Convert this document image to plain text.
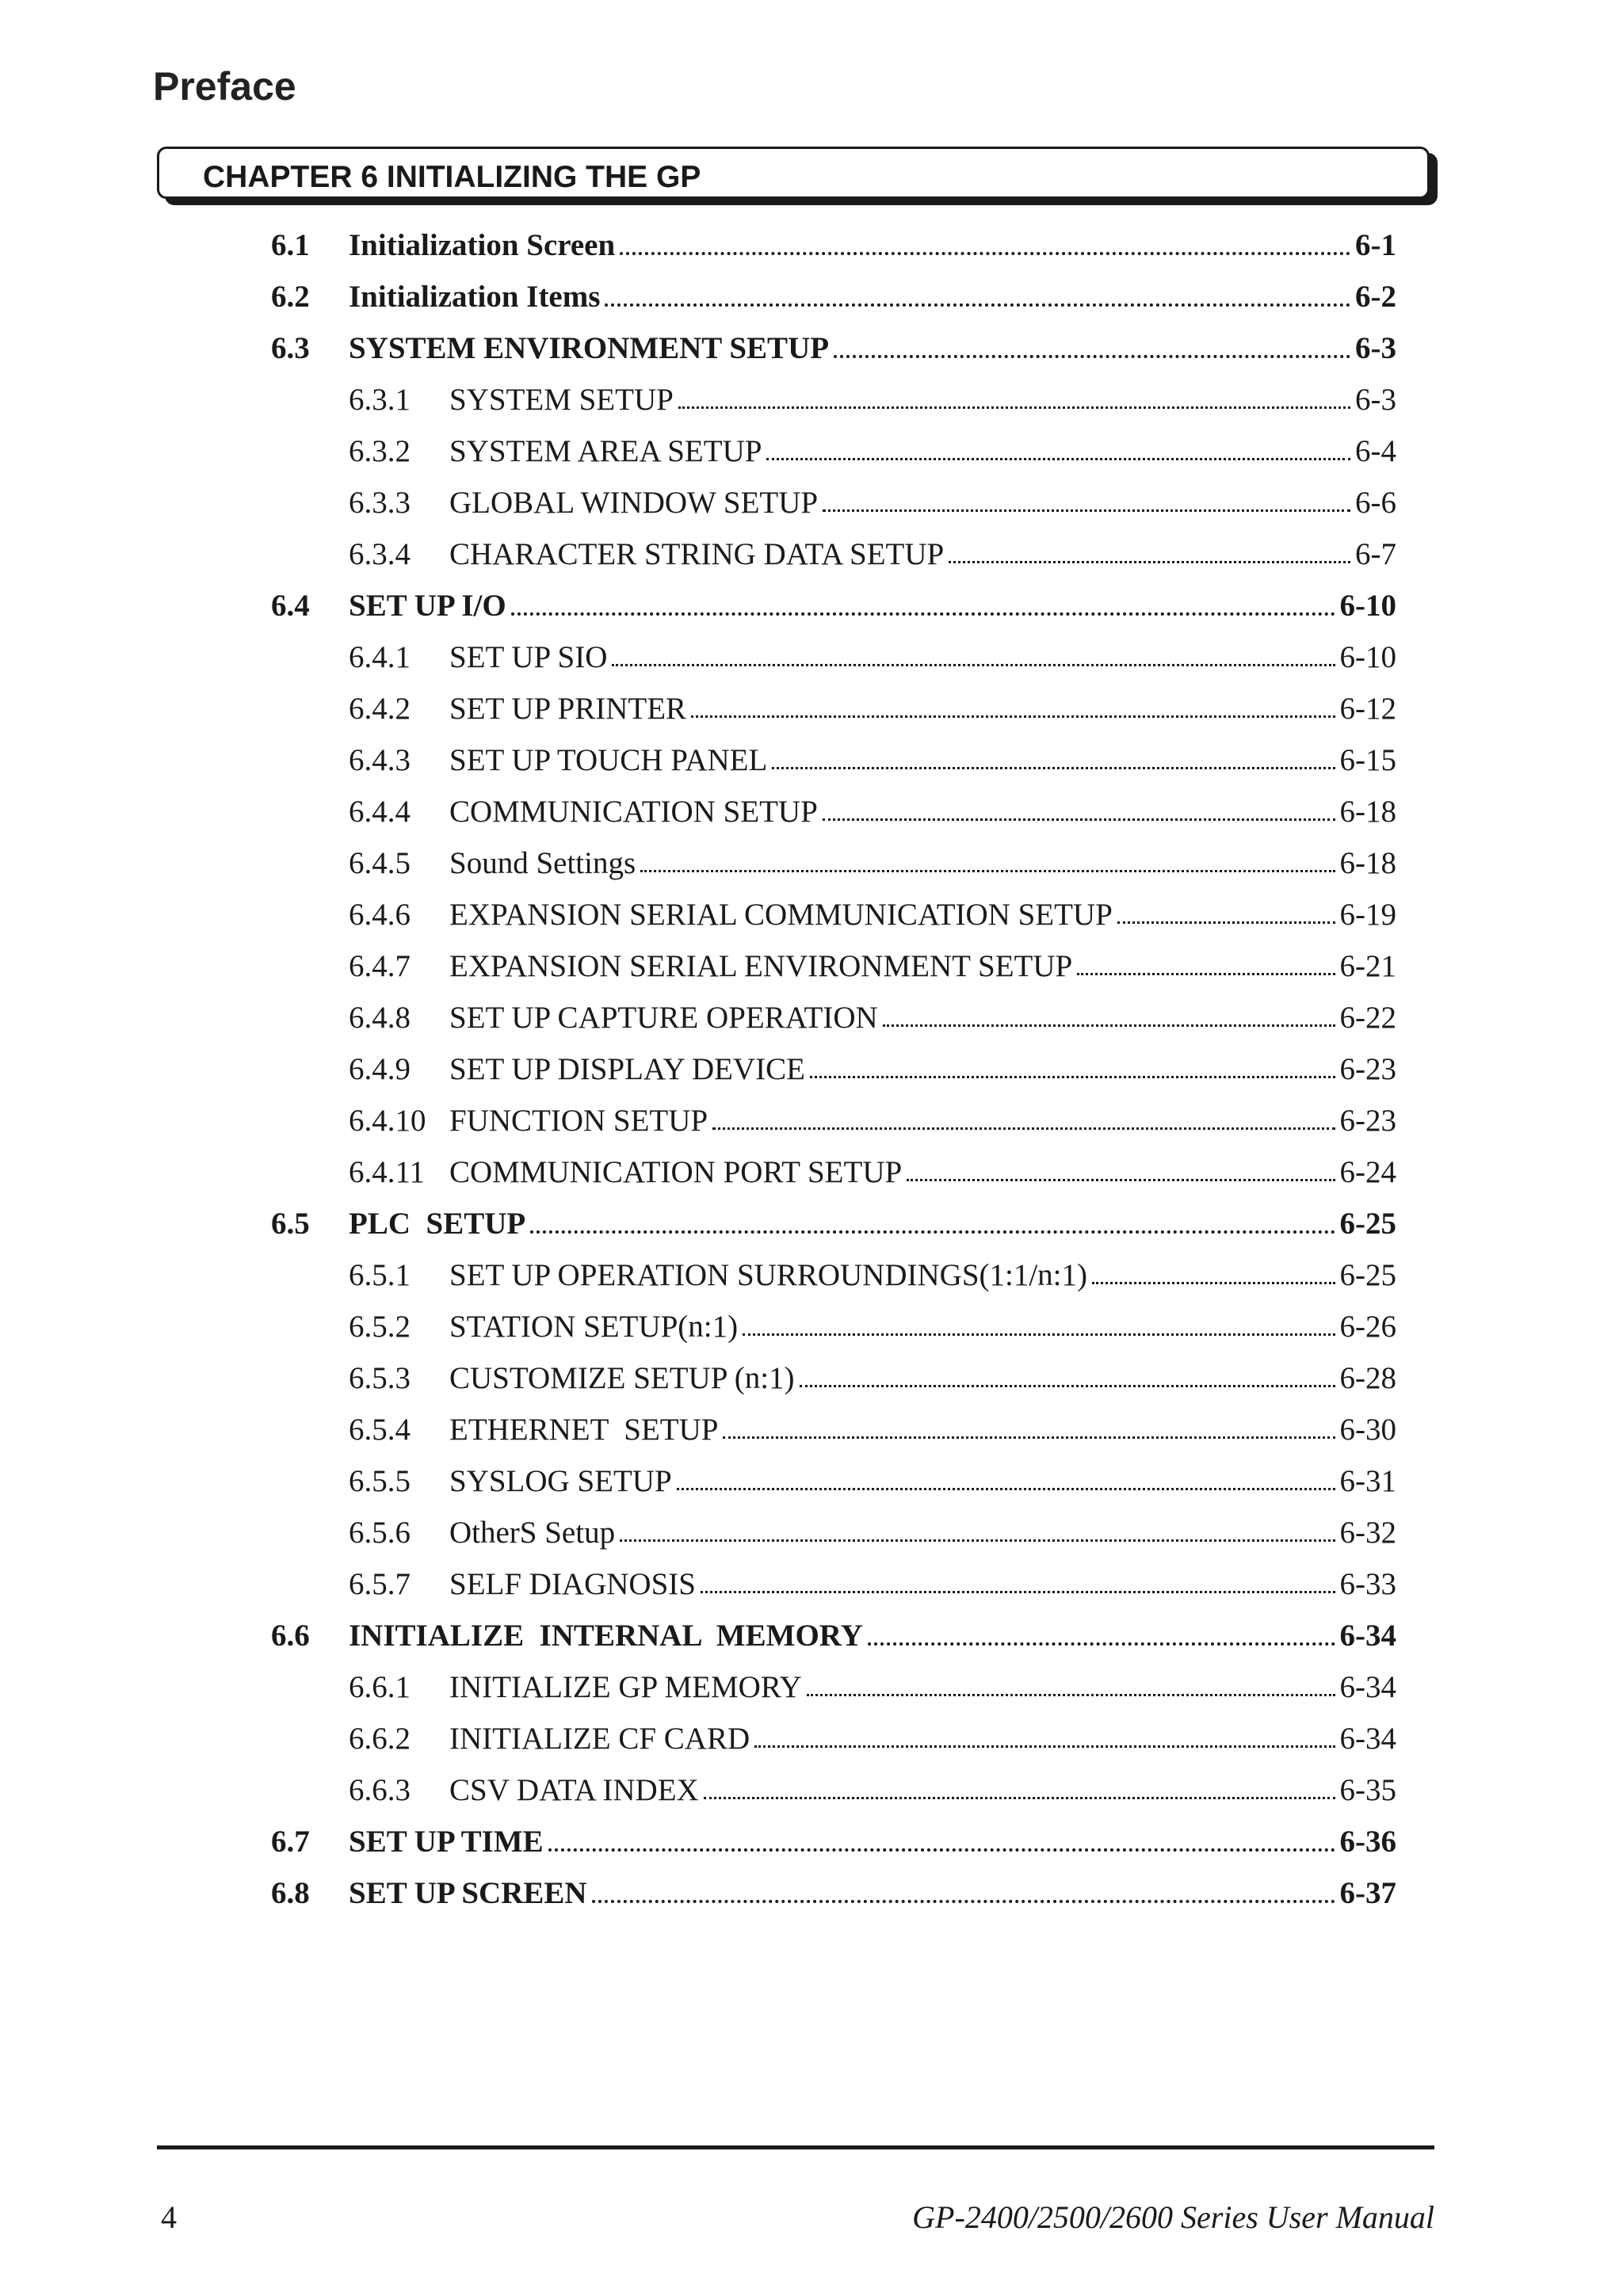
Preface
CHAPTER 6 INITIALIZING THE GP
6.1 Initialization Screen	6-1
6.2 Initialization Items	6-2
6.3 SYSTEM ENVIRONMENT SETUP	6-3
6.3.1 SYSTEM SETUP	6-3
6.3.2 SYSTEM AREA SETUP	6-4
6.3.3 GLOBAL WINDOW SETUP	6-6
6.3.4 CHARACTER STRING DATA SETUP	6-7
6.4 SET UP I/O	6-10
6.4.1 SET UP SIO	6-10
6.4.2 SET UP PRINTER	6-12
6.4.3 SET UP TOUCH PANEL	6-15
6.4.4 COMMUNICATION SETUP	6-18
6.4.5 Sound Settings	6-18
6.4.6 EXPANSION SERIAL COMMUNICATION SETUP	6-19
6.4.7 EXPANSION SERIAL ENVIRONMENT SETUP	6-21
6.4.8 SET UP CAPTURE OPERATION	6-22
6.4.9 SET UP DISPLAY DEVICE	6-23
6.4.10 FUNCTION SETUP	6-23
6.4.11 COMMUNICATION PORT SETUP	6-24
6.5 PLC  SETUP	6-25
6.5.1 SET UP OPERATION SURROUNDINGS(1:1/n:1)	6-25
6.5.2 STATION SETUP(n:1)	6-26
6.5.3 CUSTOMIZE SETUP (n:1)	6-28
6.5.4 ETHERNET  SETUP	6-30
6.5.5 SYSLOG SETUP	6-31
6.5.6 OtherS Setup	6-32
6.5.7 SELF DIAGNOSIS	6-33
6.6 INITIALIZE  INTERNAL  MEMORY	6-34
6.6.1 INITIALIZE GP MEMORY	6-34
6.6.2 INITIALIZE CF CARD	6-34
6.6.3 CSV DATA INDEX	6-35
6.7 SET UP TIME	6-36
6.8 SET UP SCREEN	6-37
4	GP-2400/2500/2600 Series User Manual
